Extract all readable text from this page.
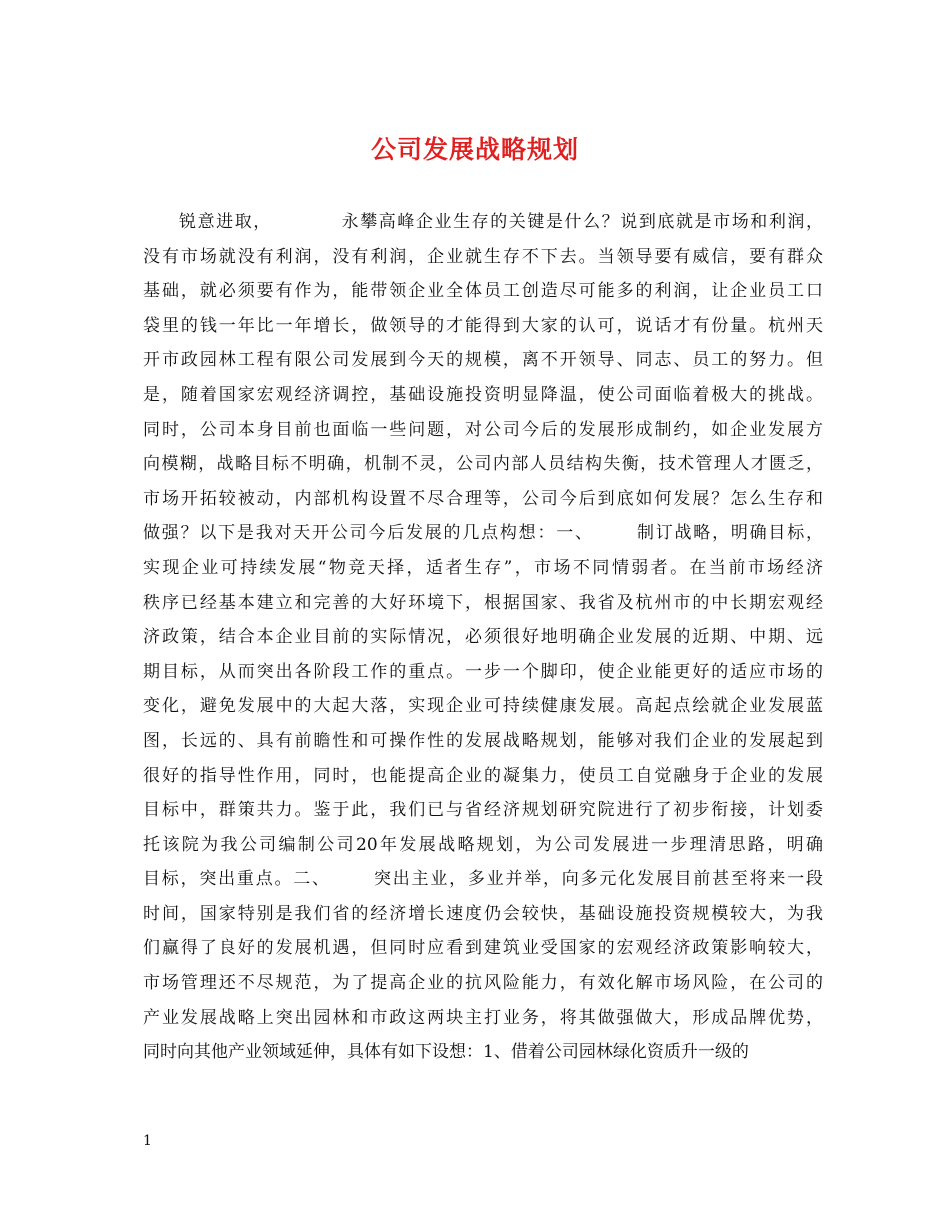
公司发展战略规划
锐意进取，          永攀高峰企业生存的关键是什么？说到底就是市场和利润，
没有市场就没有利润，没有利润，企业就生存不下去。当领导要有威信，要有群众
基础，就必须要有作为，能带领企业全体员工创造尽可能多的利润，让企业员工口
袋里的钱一年比一年增长，做领导的才能得到大家的认可，说话才有份量。杭州天
开市政园林工程有限公司发展到今天的规模，离不开领导、同志、员工的努力。但
是，随着国家宏观经济调控，基础设施投资明显降温，使公司面临着极大的挑战。
同时，公司本身目前也面临一些问题，对公司今后的发展形成制约，如企业发展方
向模糊，战略目标不明确，机制不灵，公司内部人员结构失衡，技术管理人才匮乏，
市场开拓较被动，内部机构设置不尽合理等，公司今后到底如何发展？怎么生存和
做强？以下是我对天开公司今后发展的几点构想：一、      制订战略，明确目标，
实现企业可持续发展“物竞天择，适者生存”，市场不同情弱者。在当前市场经济
秩序已经基本建立和完善的大好环境下，根据国家、我省及杭州市的中长期宏观经
济政策，结合本企业目前的实际情况，必须很好地明确企业发展的近期、中期、远
期目标，从而突出各阶段工作的重点。一步一个脚印，使企业能更好的适应市场的
变化，避免发展中的大起大落，实现企业可持续健康发展。高起点绘就企业发展蓝
图，长远的、具有前瞻性和可操作性的发展战略规划，能够对我们企业的发展起到
很好的指导性作用，同时，也能提高企业的凝集力，使员工自觉融身于企业的发展
目标中，群策共力。鉴于此，我们已与省经济规划研究院进行了初步衔接，计划委
托该院为我公司编制公司20年发展战略规划，为公司发展进一步理清思路，明确
目标，突出重点。二、      突出主业，多业并举，向多元化发展目前甚至将来一段
时间，国家特别是我们省的经济增长速度仍会较快，基础设施投资规模较大，为我
们赢得了良好的发展机遇，但同时应看到建筑业受国家的宏观经济政策影响较大，
市场管理还不尽规范，为了提高企业的抗风险能力，有效化解市场风险，在公司的
产业发展战略上突出园林和市政这两块主打业务，将其做强做大，形成品牌优势，
同时向其他产业领域延伸，具体有如下设想：1、借着公司园林绿化资质升一级的
1
